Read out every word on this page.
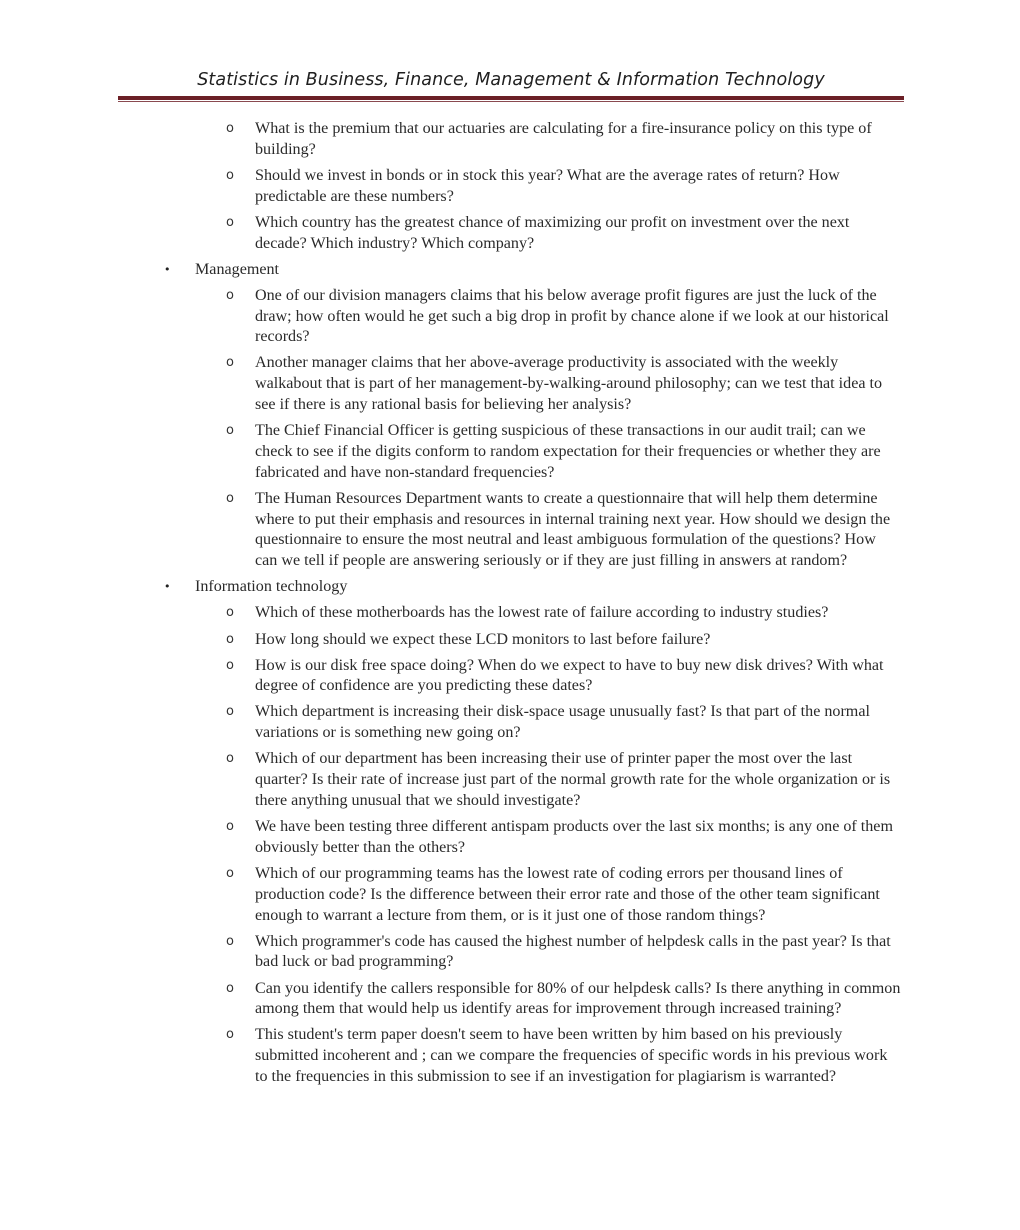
Statistics in Business, Finance, Management & Information Technology
o What is the premium that our actuaries are calculating for a fire-insurance policy on this type of building?
o Should we invest in bonds or in stock this year? What are the average rates of return? How predictable are these numbers?
o Which country has the greatest chance of maximizing our profit on investment over the next decade? Which industry? Which company?
• Management
o One of our division managers claims that his below average profit figures are just the luck of the draw; how often would he get such a big drop in profit by chance alone if we look at our historical records?
o Another manager claims that her above-average productivity is associated with the weekly walkabout that is part of her management-by-walking-around philosophy; can we test that idea to see if there is any rational basis for believing her analysis?
o The Chief Financial Officer is getting suspicious of these transactions in our audit trail; can we check to see if the digits conform to random expectation for their frequencies or whether they are fabricated and have non-standard frequencies?
o The Human Resources Department wants to create a questionnaire that will help them determine where to put their emphasis and resources in internal training next year. How should we design the questionnaire to ensure the most neutral and least ambiguous formulation of the questions? How can we tell if people are answering seriously or if they are just filling in answers at random?
• Information technology
o Which of these motherboards has the lowest rate of failure according to industry studies?
o How long should we expect these LCD monitors to last before failure?
o How is our disk free space doing? When do we expect to have to buy new disk drives? With what degree of confidence are you predicting these dates?
o Which department is increasing their disk-space usage unusually fast? Is that part of the normal variations or is something new going on?
o Which of our department has been increasing their use of printer paper the most over the last quarter? Is their rate of increase just part of the normal growth rate for the whole organization or is there anything unusual that we should investigate?
o We have been testing three different antispam products over the last six months; is any one of them obviously better than the others?
o Which of our programming teams has the lowest rate of coding errors per thousand lines of production code? Is the difference between their error rate and those of the other team significant enough to warrant a lecture from them, or is it just one of those random things?
o Which programmer's code has caused the highest number of helpdesk calls in the past year? Is that bad luck or bad programming?
o Can you identify the callers responsible for 80% of our helpdesk calls? Is there anything in common among them that would help us identify areas for improvement through increased training?
o This student's term paper doesn't seem to have been written by him based on his previously submitted incoherent and ; can we compare the frequencies of specific words in his previous work to the frequencies in this submission to see if an investigation for plagiarism is warranted?
